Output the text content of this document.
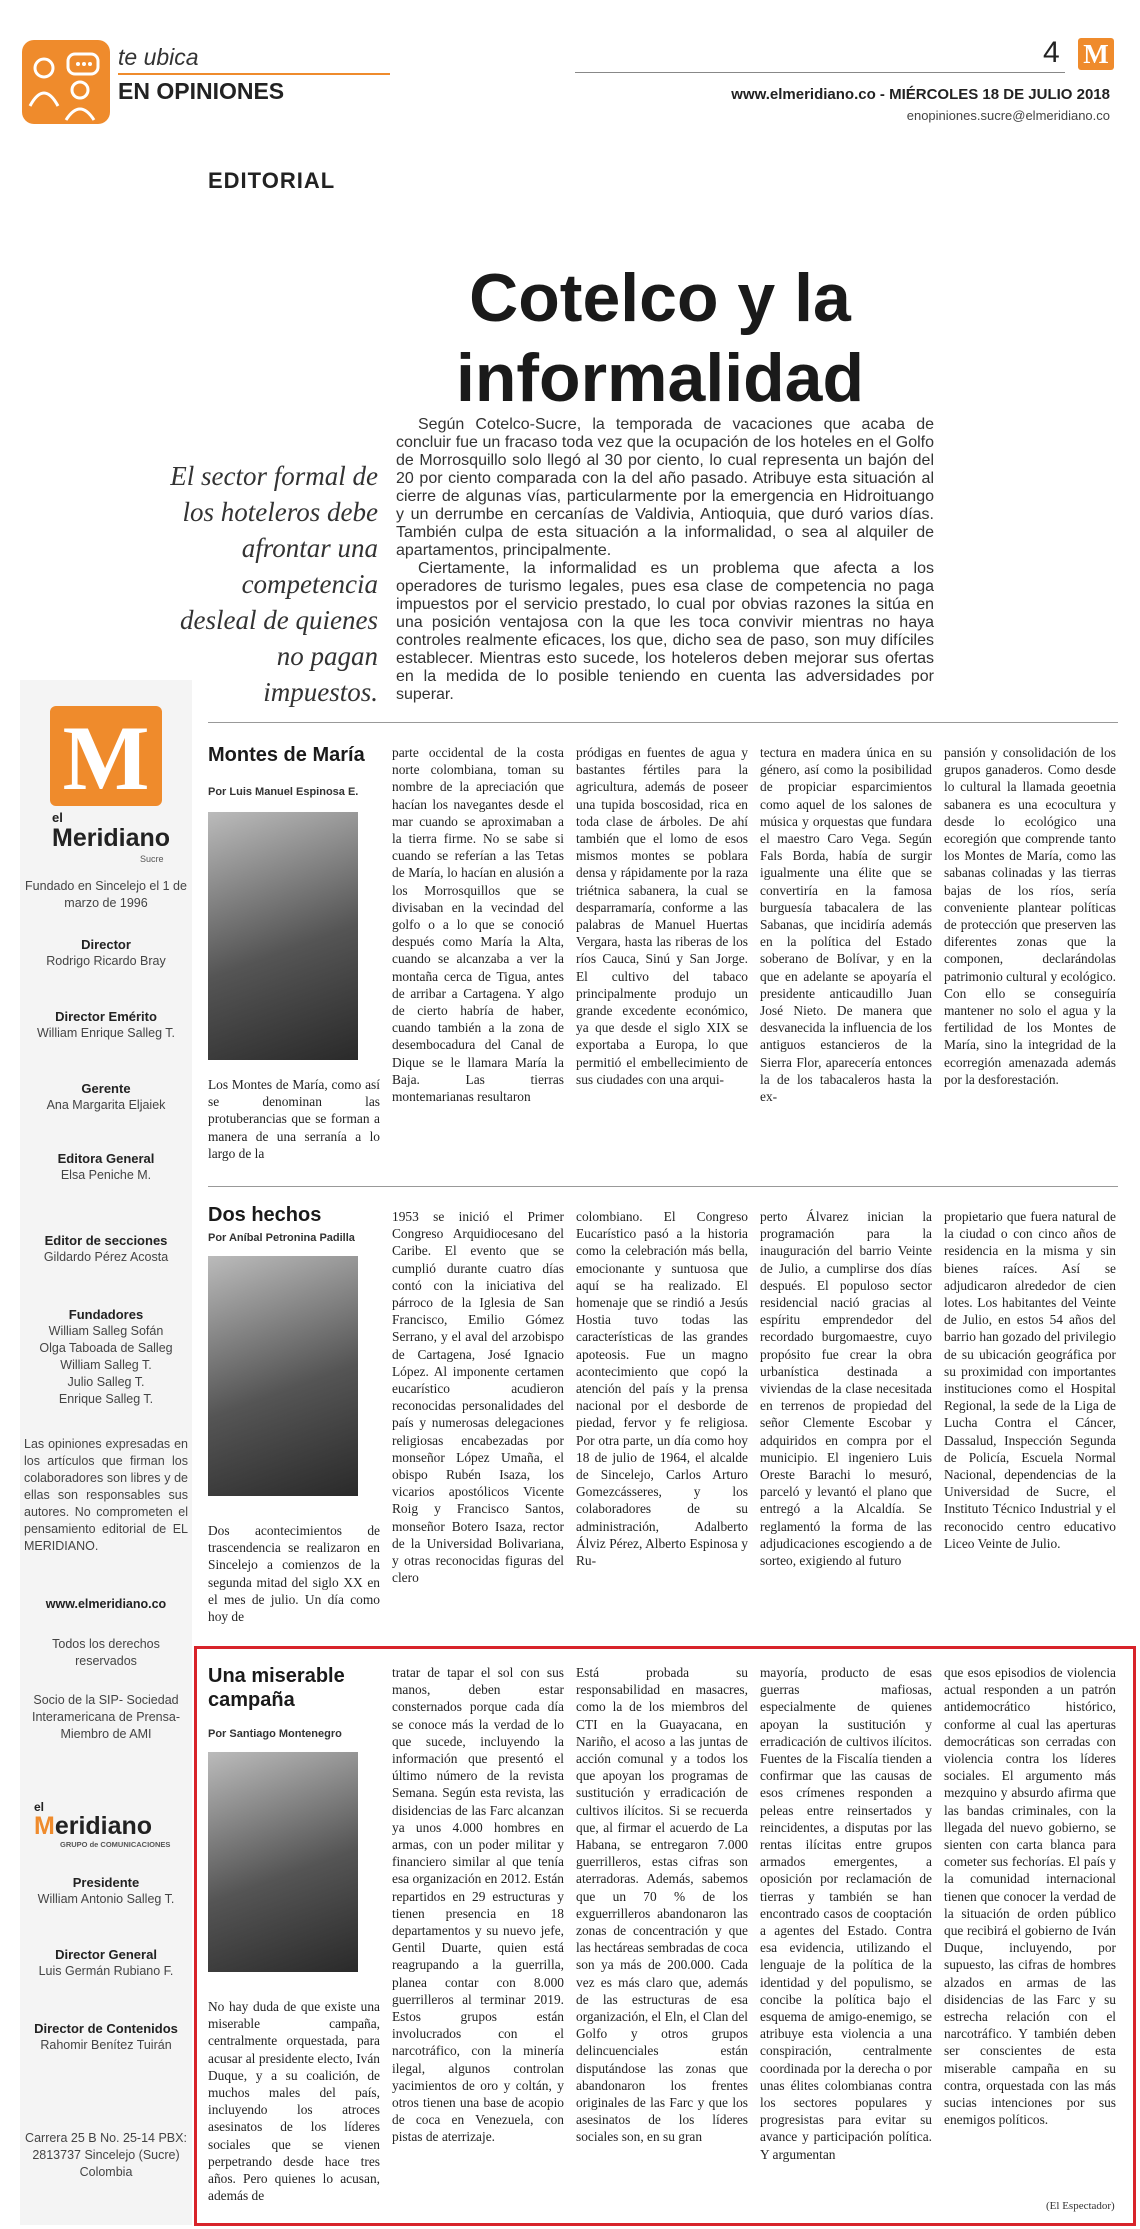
te ubica
EN OPINIONES
4 M
www.elmeridiano.co - MIÉRCOLES 18 DE JULIO 2018
enopiniones.sucre@elmeridiano.co
EDITORIAL
Cotelco y la informalidad
El sector formal de los hoteleros debe afrontar una competencia desleal de quienes no pagan impuestos.

Según Cotelco-Sucre, la temporada de vacaciones que acaba de concluir fue un fracaso toda vez que la ocupación de los hoteles en el Golfo de Morrosquillo solo llegó al 30 por ciento, lo cual representa un bajón del 20 por ciento comparada con la del año pasado. Atribuye esta situación al cierre de algunas vías, particularmente por la emergencia en Hidroituango y un derrumbe en cercanías de Valdivia, Antioquia, que duró varios días. También culpa de esta situación a la informalidad, o sea al alquiler de apartamentos, principalmente.

Ciertamente, la informalidad es un problema que afecta a los operadores de turismo legales, pues esa clase de competencia no paga impuestos por el servicio prestado, lo cual por obvias razones la sitúa en una posición ventajosa con la que les toca convivir mientras no haya controles realmente eficaces, los que, dicho sea de paso, son muy difíciles establecer. Mientras esto sucede, los hoteleros deben mejorar sus ofertas en la medida de lo posible teniendo en cuenta las adversidades por superar.

M
el
Meridiano
Sucre
Fundado en Sincelejo el 1 de marzo de 1996
Director
Rodrigo Ricardo Bray
Director Emérito
William Enrique Salleg T.
Gerente
Ana Margarita Eljaiek
Editora General
Elsa Peniche M.
Editor de secciones
Gildardo Pérez Acosta
Fundadores
William Salleg Sofán
Olga Taboada de Salleg
William Salleg T.
Julio Salleg T.
Enrique Salleg T.
Las opiniones expresadas en los artículos que firman los colaboradores son libres y de ellas son responsables sus autores. No comprometen el pensamiento editorial de EL MERIDIANO.
www.elmeridiano.co
Todos los derechos reservados
Socio de la SIP- Sociedad Interamericana de Prensa- Miembro de AMI
el
Meridiano
GRUPO de COMUNICACIONES
Presidente
William Antonio Salleg T.
Director General
Luis Germán Rubiano F.
Director de Contenidos
Rahomir Benítez Tuirán
Carrera 25 B No. 25-14 PBX: 2813737 Sincelejo (Sucre) Colombia
Montes de María
Por Luis Manuel Espinosa E.
Los Montes de María, como así se denominan las protuberancias que se forman a manera de una serranía a lo largo de la
parte occidental de la costa norte colombiana, toman su nombre de la apreciación que hacían los navegantes desde el mar cuando se aproximaban a la tierra firme. No se sabe si cuando se referían a las Tetas de María, lo hacían en alusión a los Morrosquillos que se divisaban en la vecindad del golfo o a lo que se conoció después como María la Alta, cuando se alcanzaba a ver la montaña cerca de Tigua, antes de arribar a Cartagena. Y algo de cierto habría de haber, cuando también a la zona de desembocadura del Canal de Dique se le llamara María la Baja. Las tierras montemarianas resultaron
pródigas en fuentes de agua y bastantes fértiles para la agricultura, además de poseer una tupida boscosidad, rica en toda clase de árboles. De ahí también que el lomo de esos mismos montes se poblara densa y rápidamente por la raza triétnica sabanera, la cual se desparramaría, conforme a las palabras de Manuel Huertas Vergara, hasta las riberas de los ríos Cauca, Sinú y San Jorge. El cultivo del tabaco principalmente produjo un grande excedente económico, ya que desde el siglo XIX se exportaba a Europa, lo que permitió el embellecimiento de sus ciudades con una arqui-
tectura en madera única en su género, así como la posibilidad de propiciar esparcimientos como aquel de los salones de música y orquestas que fundara el maestro Caro Vega. Según Fals Borda, había de surgir igualmente una élite que se convertiría en la famosa burguesía tabacalera de las Sabanas, que incidiría además en la política del Estado soberano de Bolívar, y en la que en adelante se apoyaría el presidente anticaudillo Juan José Nieto. De manera que desvanecida la influencia de los antiguos estancieros de la Sierra Flor, aparecería entonces la de los tabacaleros hasta la ex-
pansión y consolidación de los grupos ganaderos. Como desde lo cultural la llamada geoetnia sabanera es una ecocultura y desde lo ecológico una ecoregión que comprende tanto los Montes de María, como las sabanas colinadas y las tierras bajas de los ríos, sería conveniente plantear políticas de protección que preserven las diferentes zonas que la componen, declarándolas patrimonio cultural y ecológico. Con ello se conseguiría mantener no solo el agua y la fertilidad de los Montes de María, sino la integridad de la ecorregión amenazada además por la desforestación.
Dos hechos
Por Aníbal Petronina Padilla
Dos acontecimientos de trascendencia se realizaron en Sincelejo a comienzos de la segunda mitad del siglo XX en el mes de julio. Un día como hoy de
1953 se inició el Primer Congreso Arquidiocesano del Caribe. El evento que se cumplió durante cuatro días contó con la iniciativa del párroco de la Iglesia de San Francisco, Emilio Gómez Serrano, y el aval del arzobispo de Cartagena, José Ignacio López. Al imponente certamen eucarístico acudieron reconocidas personalidades del país y numerosas delegaciones religiosas encabezadas por monseñor López Umaña, el obispo Rubén Isaza, los vicarios apostólicos Vicente Roig y Francisco Santos, monseñor Botero Isaza, rector de la Universidad Bolivariana, y otras reconocidas figuras del clero
colombiano. El Congreso Eucarístico pasó a la historia como la celebración más bella, emocionante y suntuosa que aquí se ha realizado. El homenaje que se rindió a Jesús Hostia tuvo todas las características de las grandes apoteosis. Fue un magno acontecimiento que copó la atención del país y la prensa nacional por el desborde de piedad, fervor y fe religiosa. Por otra parte, un día como hoy 18 de julio de 1964, el alcalde de Sincelejo, Carlos Arturo Gomezcásseres, y los colaboradores de su administración, Adalberto Álviz Pérez, Alberto Espinosa y Ru-
perto Álvarez inician la programación para la inauguración del barrio Veinte de Julio, a cumplirse dos días después. El populoso sector residencial nació gracias al espíritu emprendedor del recordado burgomaestre, cuyo propósito fue crear la obra urbanística destinada a viviendas de la clase necesitada en terrenos de propiedad del señor Clemente Escobar y adquiridos en compra por el municipio. El ingeniero Luis Oreste Barachi lo mesuró, parceló y levantó el plano que entregó a la Alcaldía. Se reglamentó la forma de las adjudicaciones escogiendo a de sorteo, exigiendo al futuro
propietario que fuera natural de la ciudad o con cinco años de residencia en la misma y sin bienes raíces. Así se adjudicaron alrededor de cien lotes. Los habitantes del Veinte de Julio, en estos 54 años del barrio han gozado del privilegio de su ubicación geográfica por su proximidad con importantes instituciones como el Hospital Regional, la sede de la Liga de Lucha Contra el Cáncer, Dassalud, Inspección Segunda de Policía, Escuela Normal Nacional, dependencias de la Universidad de Sucre, el Instituto Técnico Industrial y el reconocido centro educativo Liceo Veinte de Julio.
Una miserable campaña
Por Santiago Montenegro
No hay duda de que existe una miserable campaña, centralmente orquestada, para acusar al presidente electo, Iván Duque, y a su coalición, de muchos males del país, incluyendo los atroces asesinatos de los líderes sociales que se vienen perpetrando desde hace tres años. Pero quienes lo acusan, además de
tratar de tapar el sol con sus manos, deben estar consternados porque cada día se conoce más la verdad de lo que sucede, incluyendo la información que presentó el último número de la revista Semana. Según esta revista, las disidencias de las Farc alcanzan ya unos 4.000 hombres en armas, con un poder militar y financiero similar al que tenía esa organización en 2012. Están repartidos en 29 estructuras y tienen presencia en 18 departamentos y su nuevo jefe, Gentil Duarte, quien está reagrupando a la guerrilla, planea contar con 8.000 guerrilleros al terminar 2019. Estos grupos están involucrados con el narcotráfico, con la minería ilegal, algunos controlan yacimientos de oro y coltán, y otros tienen una base de acopio de coca en Venezuela, con pistas de aterrizaje.
Está probada su responsabilidad en masacres, como la de los miembros del CTI en la Guayacana, en Nariño, el acoso a las juntas de acción comunal y a todos los que apoyan los programas de sustitución y erradicación de cultivos ilícitos. Si se recuerda que, al firmar el acuerdo de La Habana, se entregaron 7.000 guerrilleros, estas cifras son aterradoras. Además, sabemos que un 70 % de los exguerrilleros abandonaron las zonas de concentración y que las hectáreas sembradas de coca son ya más de 200.000. Cada vez es más claro que, además de las estructuras de esa organización, el Eln, el Clan del Golfo y otros grupos delincuenciales están disputándose las zonas que abandonaron los frentes originales de las Farc y que los asesinatos de los líderes sociales son, en su gran
mayoría, producto de esas guerras mafiosas, especialmente de quienes apoyan la sustitución y erradicación de cultivos ilícitos. Fuentes de la Fiscalía tienden a confirmar que las causas de esos crímenes responden a peleas entre reinsertados y reincidentes, a disputas por las rentas ilícitas entre grupos armados emergentes, a oposición por reclamación de tierras y también se han encontrado casos de cooptación a agentes del Estado. Contra esa evidencia, utilizando el lenguaje de la política de la identidad y del populismo, se concibe la política bajo el esquema de amigo-enemigo, se atribuye esta violencia a una conspiración, centralmente coordinada por la derecha o por unas élites colombianas contra los sectores populares y progresistas para evitar su avance y participación política. Y argumentan
que esos episodios de violencia actual responden a un patrón antidemocrático histórico, conforme al cual las aperturas democráticas son cerradas con violencia contra los líderes sociales. El argumento más mezquino y absurdo afirma que las bandas criminales, con la llegada del nuevo gobierno, se sienten con carta blanca para cometer sus fechorías. El país y la comunidad internacional tienen que conocer la verdad de la situación de orden público que recibirá el gobierno de Iván Duque, incluyendo, por supuesto, las cifras de hombres alzados en armas de las disidencias de las Farc y su estrecha relación con el narcotráfico. Y también deben ser conscientes de esta miserable campaña en su contra, orquestada con las más sucias intenciones por sus enemigos políticos.
(El Espectador)
